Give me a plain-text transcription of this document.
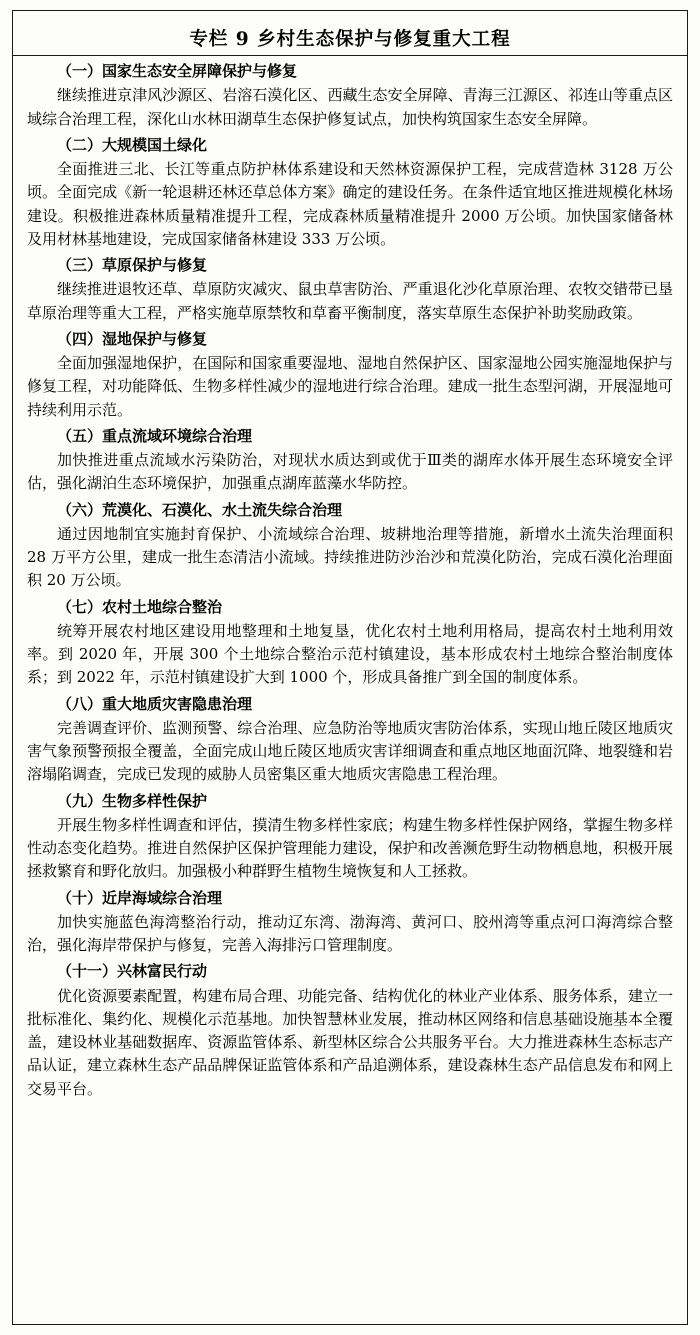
专栏 9 乡村生态保护与修复重大工程
（一）国家生态安全屏障保护与修复
继续推进京津风沙源区、岩溶石漠化区、西藏生态安全屏障、青海三江源区、祁连山等重点区域综合治理工程，深化山水林田湖草生态保护修复试点，加快构筑国家生态安全屏障。
（二）大规模国土绿化
全面推进三北、长江等重点防护林体系建设和天然林资源保护工程，完成营造林 3128 万公顷。全面完成《新一轮退耕还林还草总体方案》确定的建设任务。在条件适宜地区推进规模化林场建设。积极推进森林质量精准提升工程，完成森林质量精准提升 2000 万公顷。加快国家储备林及用材林基地建设，完成国家储备林建设 333 万公顷。
（三）草原保护与修复
继续推进退牧还草、草原防灾减灾、鼠虫草害防治、严重退化沙化草原治理、农牧交错带已垦草原治理等重大工程，严格实施草原禁牧和草畜平衡制度，落实草原生态保护补助奖励政策。
（四）湿地保护与修复
全面加强湿地保护，在国际和国家重要湿地、湿地自然保护区、国家湿地公园实施湿地保护与修复工程，对功能降低、生物多样性减少的湿地进行综合治理。建成一批生态型河湖，开展湿地可持续利用示范。
（五）重点流域环境综合治理
加快推进重点流域水污染防治，对现状水质达到或优于Ⅲ类的湖库水体开展生态环境安全评估，强化湖泊生态环境保护，加强重点湖库蓝藻水华防控。
（六）荒漠化、石漠化、水土流失综合治理
通过因地制宜实施封育保护、小流域综合治理、坡耕地治理等措施，新增水土流失治理面积 28 万平方公里，建成一批生态清洁小流域。持续推进防沙治沙和荒漠化防治，完成石漠化治理面积 20 万公顷。
（七）农村土地综合整治
统筹开展农村地区建设用地整理和土地复垦，优化农村土地利用格局，提高农村土地利用效率。到 2020 年，开展 300 个土地综合整治示范村镇建设，基本形成农村土地综合整治制度体系；到 2022 年，示范村镇建设扩大到 1000 个，形成具备推广到全国的制度体系。
（八）重大地质灾害隐患治理
完善调查评价、监测预警、综合治理、应急防治等地质灾害防治体系，实现山地丘陵区地质灾害气象预警预报全覆盖，全面完成山地丘陵区地质灾害详细调查和重点地区地面沉降、地裂缝和岩溶塌陷调查，完成已发现的威胁人员密集区重大地质灾害隐患工程治理。
（九）生物多样性保护
开展生物多样性调查和评估，摸清生物多样性家底；构建生物多样性保护网络，掌握生物多样性动态变化趋势。推进自然保护区保护管理能力建设，保护和改善濒危野生动物栖息地，积极开展拯救繁育和野化放归。加强极小种群野生植物生境恢复和人工拯救。
（十）近岸海域综合治理
加快实施蓝色海湾整治行动，推动辽东湾、渤海湾、黄河口、胶州湾等重点河口海湾综合整治，强化海岸带保护与修复，完善入海排污口管理制度。
（十一）兴林富民行动
优化资源要素配置，构建布局合理、功能完备、结构优化的林业产业体系、服务体系，建立一批标准化、集约化、规模化示范基地。加快智慧林业发展，推动林区网络和信息基础设施基本全覆盖，建设林业基础数据库、资源监管体系、新型林区综合公共服务平台。大力推进森林生态标志产品认证，建立森林生态产品品牌保证监管体系和产品追溯体系，建设森林生态产品信息发布和网上交易平台。
